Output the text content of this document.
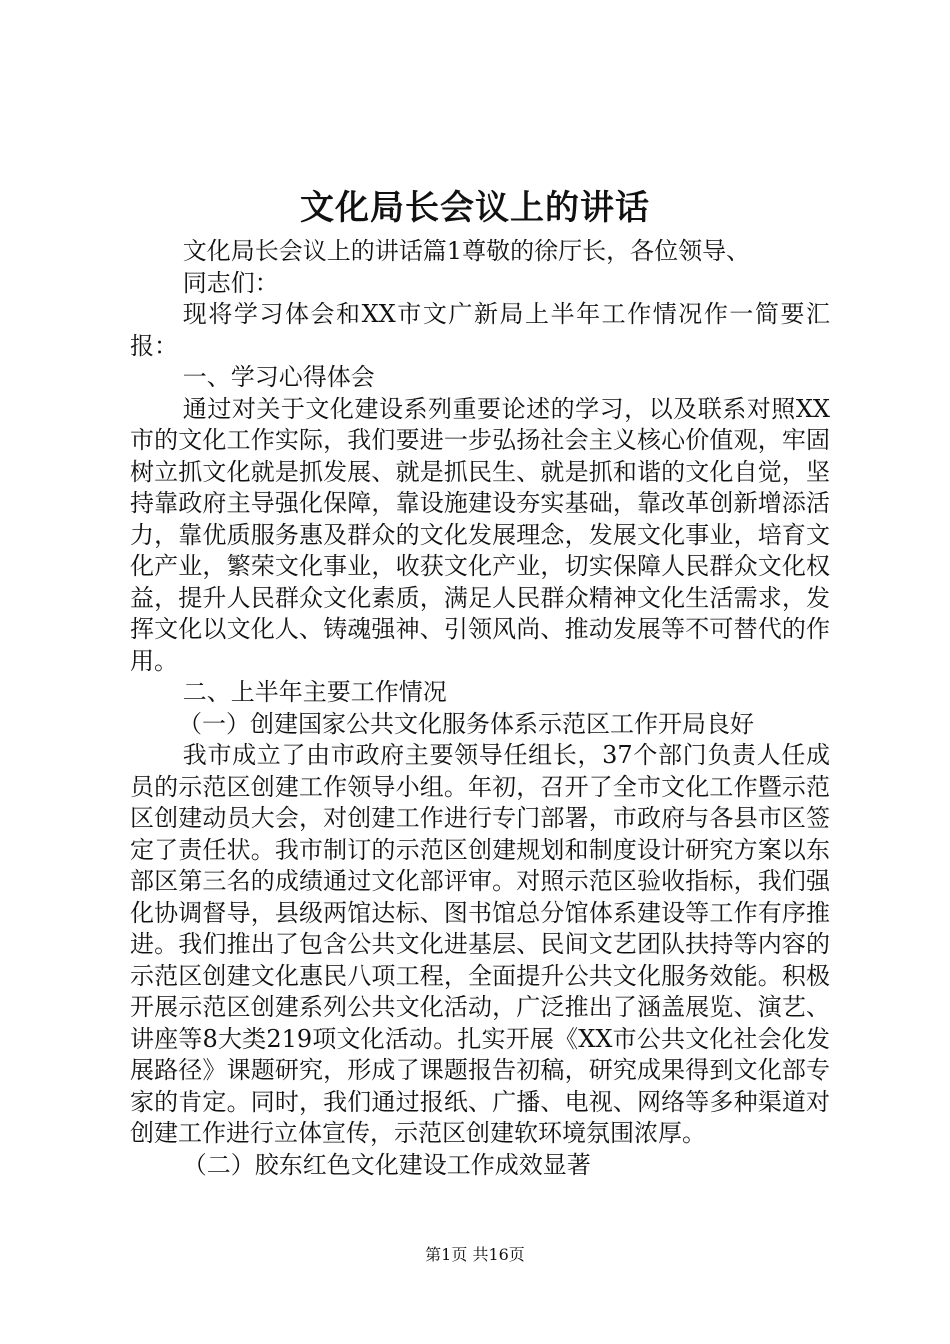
文化局长会议上的讲话

文化局长会议上的讲话篇1尊敬的徐厅长，各位领导、

同志们：

现将学习体会和XX市文广新局上半年工作情况作一简要汇报：

一、学习心得体会

通过对关于文化建设系列重要论述的学习，以及联系对照XX市的文化工作实际，我们要进一步弘扬社会主义核心价值观，牢固树立抓文化就是抓发展、就是抓民生、就是抓和谐的文化自觉，坚持靠政府主导强化保障，靠设施建设夯实基础，靠改革创新增添活力，靠优质服务惠及群众的文化发展理念，发展文化事业，培育文化产业，繁荣文化事业，收获文化产业，切实保障人民群众文化权益，提升人民群众文化素质，满足人民群众精神文化生活需求，发挥文化以文化人、铸魂强神、引领风尚、推动发展等不可替代的作用。

二、上半年主要工作情况

（一）创建国家公共文化服务体系示范区工作开局良好

我市成立了由市政府主要领导任组长，37个部门负责人任成员的示范区创建工作领导小组。年初，召开了全市文化工作暨示范区创建动员大会，对创建工作进行专门部署，市政府与各县市区签定了责任状。我市制订的示范区创建规划和制度设计研究方案以东部区第三名的成绩通过文化部评审。对照示范区验收指标，我们强化协调督导，县级两馆达标、图书馆总分馆体系建设等工作有序推进。我们推出了包含公共文化进基层、民间文艺团队扶持等内容的示范区创建文化惠民八项工程，全面提升公共文化服务效能。积极开展示范区创建系列公共文化活动，广泛推出了涵盖展览、演艺、讲座等8大类219项文化活动。扎实开展《XX市公共文化社会化发展路径》课题研究，形成了课题报告初稿，研究成果得到文化部专家的肯定。同时，我们通过报纸、广播、电视、网络等多种渠道对创建工作进行立体宣传，示范区创建软环境氛围浓厚。

（二）胶东红色文化建设工作成效显著

第1页 共16页
